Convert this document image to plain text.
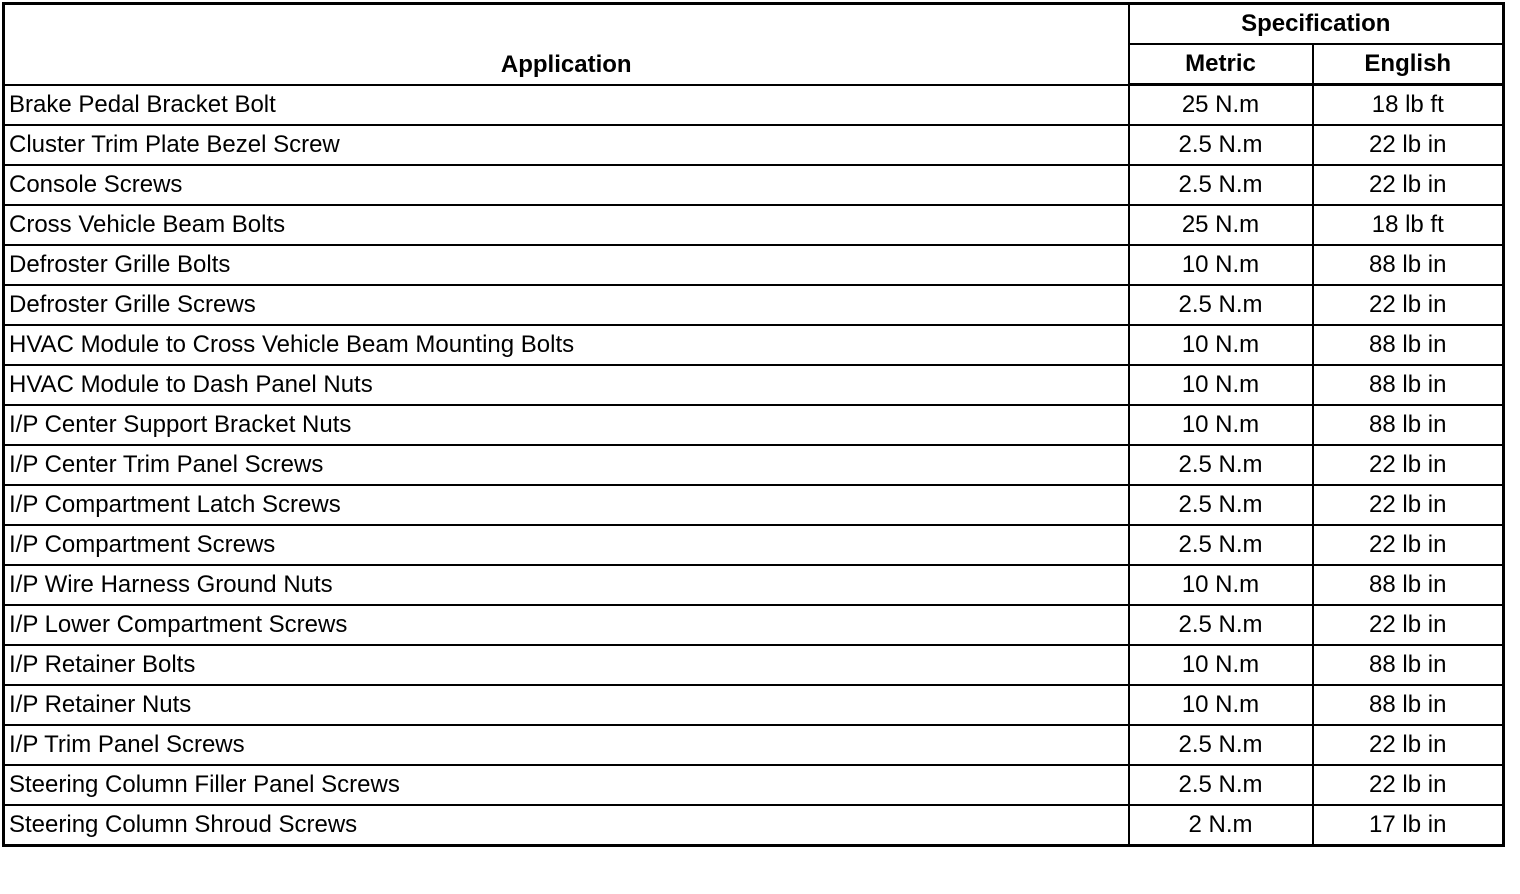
Application	Specification	
	Metric	English
Brake Pedal Bracket Bolt	25 N.m	18 lb ft
Cluster Trim Plate Bezel Screw	2.5 N.m	22 lb in
Console Screws	2.5 N.m	22 lb in
Cross Vehicle Beam Bolts	25 N.m	18 lb ft
Defroster Grille Bolts	10 N.m	88 lb in
Defroster Grille Screws	2.5 N.m	22 lb in
HVAC Module to Cross Vehicle Beam Mounting Bolts	10 N.m	88 lb in
HVAC Module to Dash Panel Nuts	10 N.m	88 lb in
I/P Center Support Bracket Nuts	10 N.m	88 lb in
I/P Center Trim Panel Screws	2.5 N.m	22 lb in
I/P Compartment Latch Screws	2.5 N.m	22 lb in
I/P Compartment Screws	2.5 N.m	22 lb in
I/P Wire Harness Ground Nuts	10 N.m	88 lb in
I/P Lower Compartment Screws	2.5 N.m	22 lb in
I/P Retainer Bolts	10 N.m	88 lb in
I/P Retainer Nuts	10 N.m	88 lb in
I/P Trim Panel Screws	2.5 N.m	22 lb in
Steering Column Filler Panel Screws	2.5 N.m	22 lb in
Steering Column Shroud Screws	2 N.m	17 lb in
